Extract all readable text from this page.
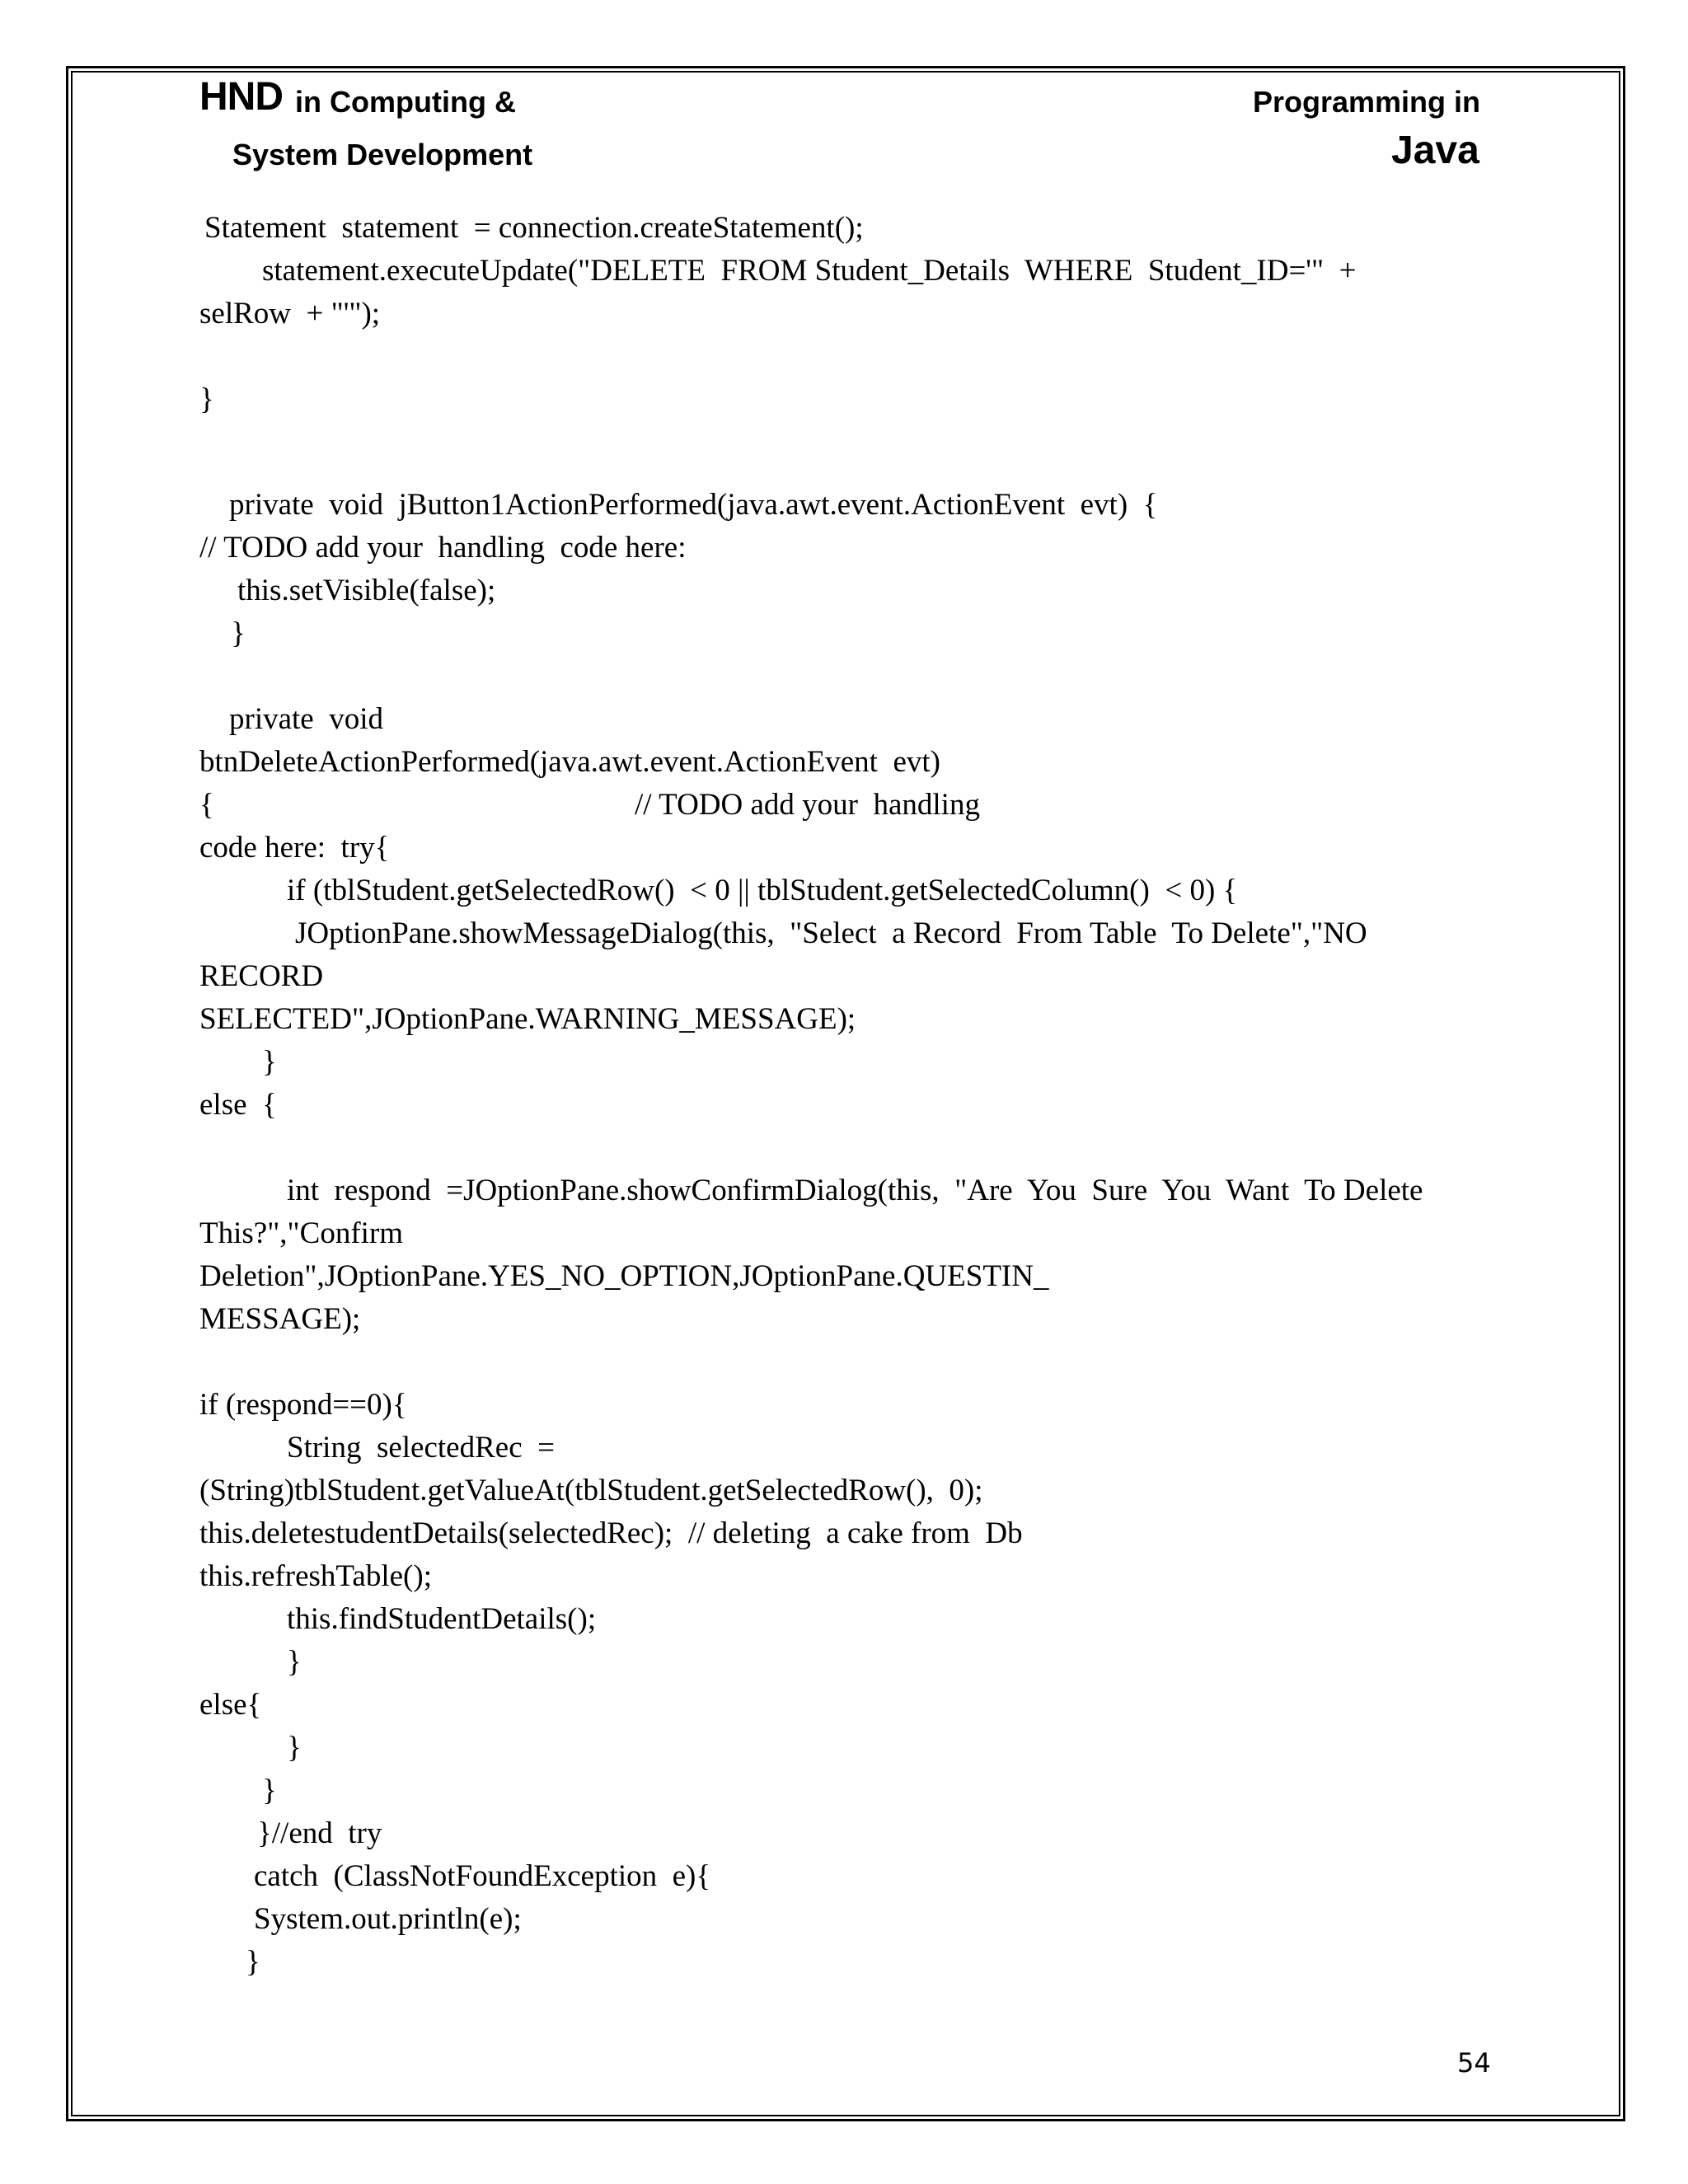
HND in Computing &
System Development
Programming in
Java
Statement  statement  = connection.createStatement();
statement.executeUpdate("DELETE  FROM Student_Details  WHERE  Student_ID='"  +
selRow  + "'");
}
private  void  jButton1ActionPerformed(java.awt.event.ActionEvent  evt)  {
// TODO add your  handling  code here:
this.setVisible(false);
}
private  void
btnDeleteActionPerformed(java.awt.event.ActionEvent  evt)
{	// TODO add your  handling
code here:  try{
if (tblStudent.getSelectedRow()  < 0 || tblStudent.getSelectedColumn()  < 0) {
JOptionPane.showMessageDialog(this,  "Select  a Record  From Table  To Delete","NO
RECORD
SELECTED",JOptionPane.WARNING_MESSAGE);
}
else  {
int  respond  =JOptionPane.showConfirmDialog(this,  "Are  You  Sure  You  Want  To Delete
This?","Confirm
Deletion",JOptionPane.YES_NO_OPTION,JOptionPane.QUESTIN_
MESSAGE);
if (respond==0){
String  selectedRec  =
(String)tblStudent.getValueAt(tblStudent.getSelectedRow(),  0);
this.deletestudentDetails(selectedRec);  // deleting  a cake from  Db
this.refreshTable();
this.findStudentDetails();
}
else{
}
}
}//end  try
catch  (ClassNotFoundException  e){
System.out.println(e);
}
54
